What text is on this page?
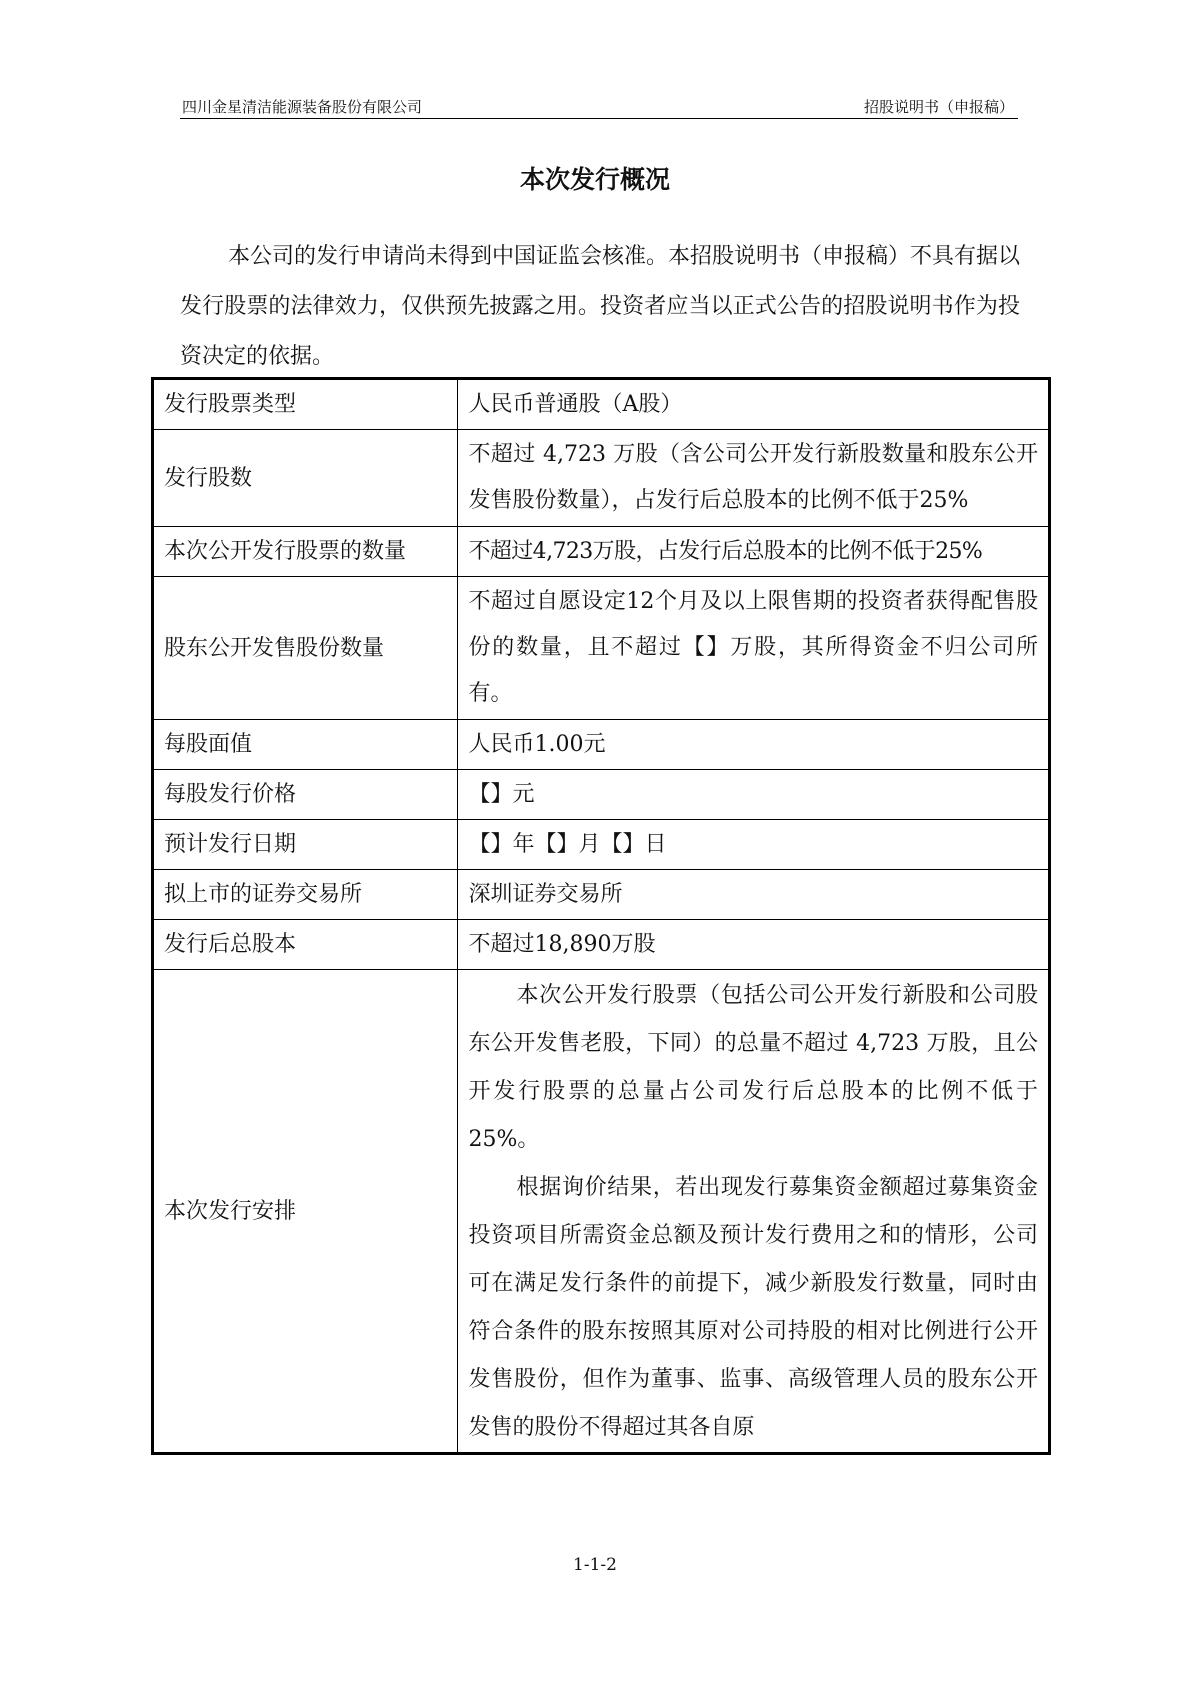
四川金星清洁能源装备股份有限公司	招股说明书（申报稿）
本次发行概况
本公司的发行申请尚未得到中国证监会核准。本招股说明书（申报稿）不具有据以发行股票的法律效力，仅供预先披露之用。投资者应当以正式公告的招股说明书作为投资决定的依据。
发行股票类型	人民币普通股（A股）
发行股数	不超过 4,723 万股（含公司公开发行新股数量和股东公开发售股份数量），占发行后总股本的比例不低于25%
本次公开发行股票的数量	不超过4,723万股，占发行后总股本的比例不低于25%
股东公开发售股份数量	不超过自愿设定12个月及以上限售期的投资者获得配售股份的数量，且不超过【】万股，其所得资金不归公司所有。
每股面值	人民币1.00元
每股发行价格	【】元
预计发行日期	【】年【】月【】日
拟上市的证券交易所	深圳证券交易所
发行后总股本	不超过18,890万股
本次发行安排	本次公开发行股票（包括公司公开发行新股和公司股东公开发售老股，下同）的总量不超过 4,723 万股，且公开发行股票的总量占公司发行后总股本的比例不低于25%。

根据询价结果，若出现发行募集资金额超过募集资金投资项目所需资金总额及预计发行费用之和的情形，公司可在满足发行条件的前提下，减少新股发行数量，同时由符合条件的股东按照其原对公司持股的相对比例进行公开发售股份，但作为董事、监事、高级管理人员的股东公开发售的股份不得超过其各自原

1-1-2
